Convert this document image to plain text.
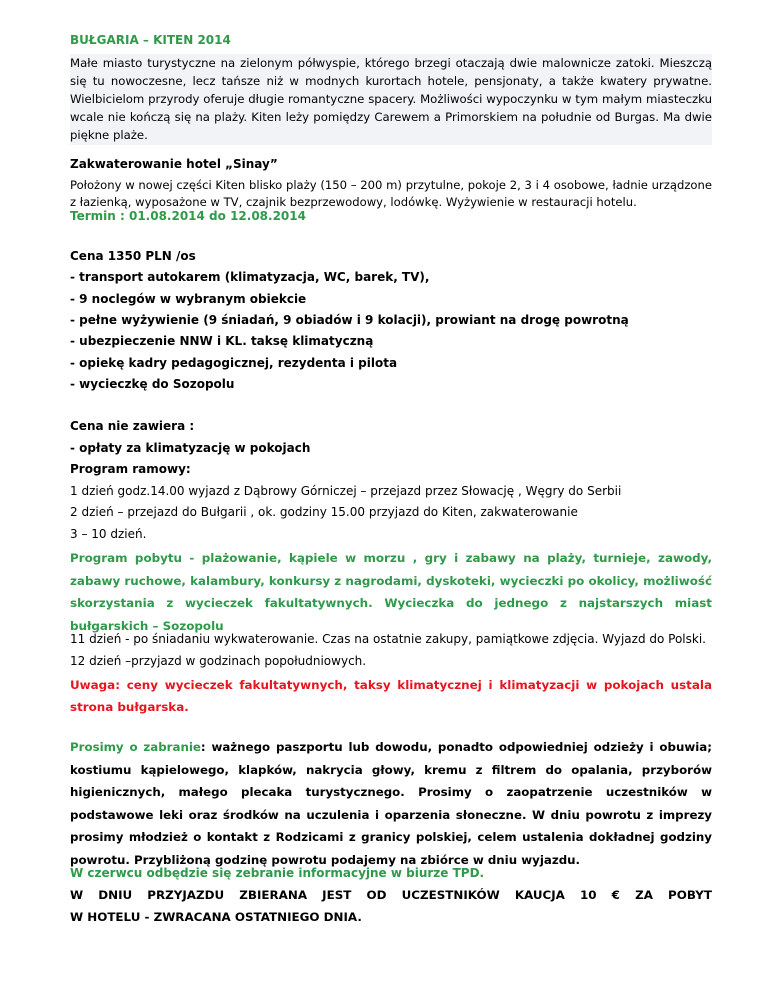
BUŁGARIA – KITEN 2014
Małe miasto turystyczne na zielonym półwyspie, którego brzegi otaczają dwie malownicze zatoki. Mieszczą się tu nowoczesne, lecz tańsze niż w modnych kurortach hotele, pensjonaty, a także kwatery prywatne. Wielbicielom przyrody oferuje długie romantyczne spacery. Możliwości wypoczynku w tym małym miasteczku wcale nie kończą się na plaży. Kiten leży pomiędzy Carewem a Primorskiem na południe od Burgas. Ma dwie piękne plaże.
Zakwaterowanie hotel „Sinay”
Położony w nowej części Kiten blisko plaży (150 – 200 m) przytulne, pokoje 2, 3 i 4 osobowe, ładnie urządzone z łazienką, wyposażone w TV, czajnik bezprzewodowy, lodówkę. Wyżywienie w restauracji hotelu.
Termin : 01.08.2014 do 12.08.2014
Cena 1350 PLN /os
- transport autokarem (klimatyzacja, WC, barek, TV),
- 9 noclegów w wybranym obiekcie
- pełne wyżywienie (9 śniadań, 9 obiadów i 9 kolacji), prowiant na drogę powrotną
- ubezpieczenie NNW i KL. taksę klimatyczną
- opiekę kadry pedagogicznej, rezydenta i pilota
- wycieczkę do Sozopolu
Cena nie zawiera :
- opłaty za klimatyzację w pokojach
Program ramowy:
1 dzień godz.14.00 wyjazd z Dąbrowy Górniczej – przejazd przez Słowację , Węgry do Serbii
2 dzień – przejazd do Bułgarii , ok. godziny 15.00 przyjazd do Kiten, zakwaterowanie
3 – 10 dzień.
Program pobytu - plażowanie, kąpiele w morzu , gry i zabawy na plaży, turnieje, zawody, zabawy ruchowe, kalambury, konkursy z nagrodami, dyskoteki, wycieczki po okolicy, możliwość skorzystania z wycieczek fakultatywnych. Wycieczka do jednego z najstarszych miast bułgarskich – Sozopolu
11 dzień - po śniadaniu wykwaterowanie. Czas na ostatnie zakupy, pamiątkowe zdjęcia. Wyjazd do Polski.
12 dzień –przyjazd w godzinach popołudniowych.
Uwaga: ceny wycieczek fakultatywnych, taksy klimatycznej i klimatyzacji w pokojach ustala strona bułgarska.
Prosimy o zabranie: ważnego paszportu lub dowodu, ponadto odpowiedniej odzieży i obuwia; kostiumu kąpielowego, klapków, nakrycia głowy, kremu z filtrem do opalania, przyborów higienicznych, małego plecaka turystycznego. Prosimy o zaopatrzenie uczestników w podstawowe leki oraz środków na uczulenia i oparzenia słoneczne. W dniu powrotu z imprezy prosimy młodzież o kontakt z Rodzicami z granicy polskiej, celem ustalenia dokładnej godziny powrotu. Przybliżoną godzinę powrotu podajemy na zbiórce w dniu wyjazdu.
W czerwcu odbędzie się zebranie informacyjne w biurze TPD.
W DNIU PRZYJAZDU ZBIERANA JEST OD UCZESTNIKÓW KAUCJA 10 € ZA POBYT
W HOTELU - ZWRACANA OSTATNIEGO DNIA.
